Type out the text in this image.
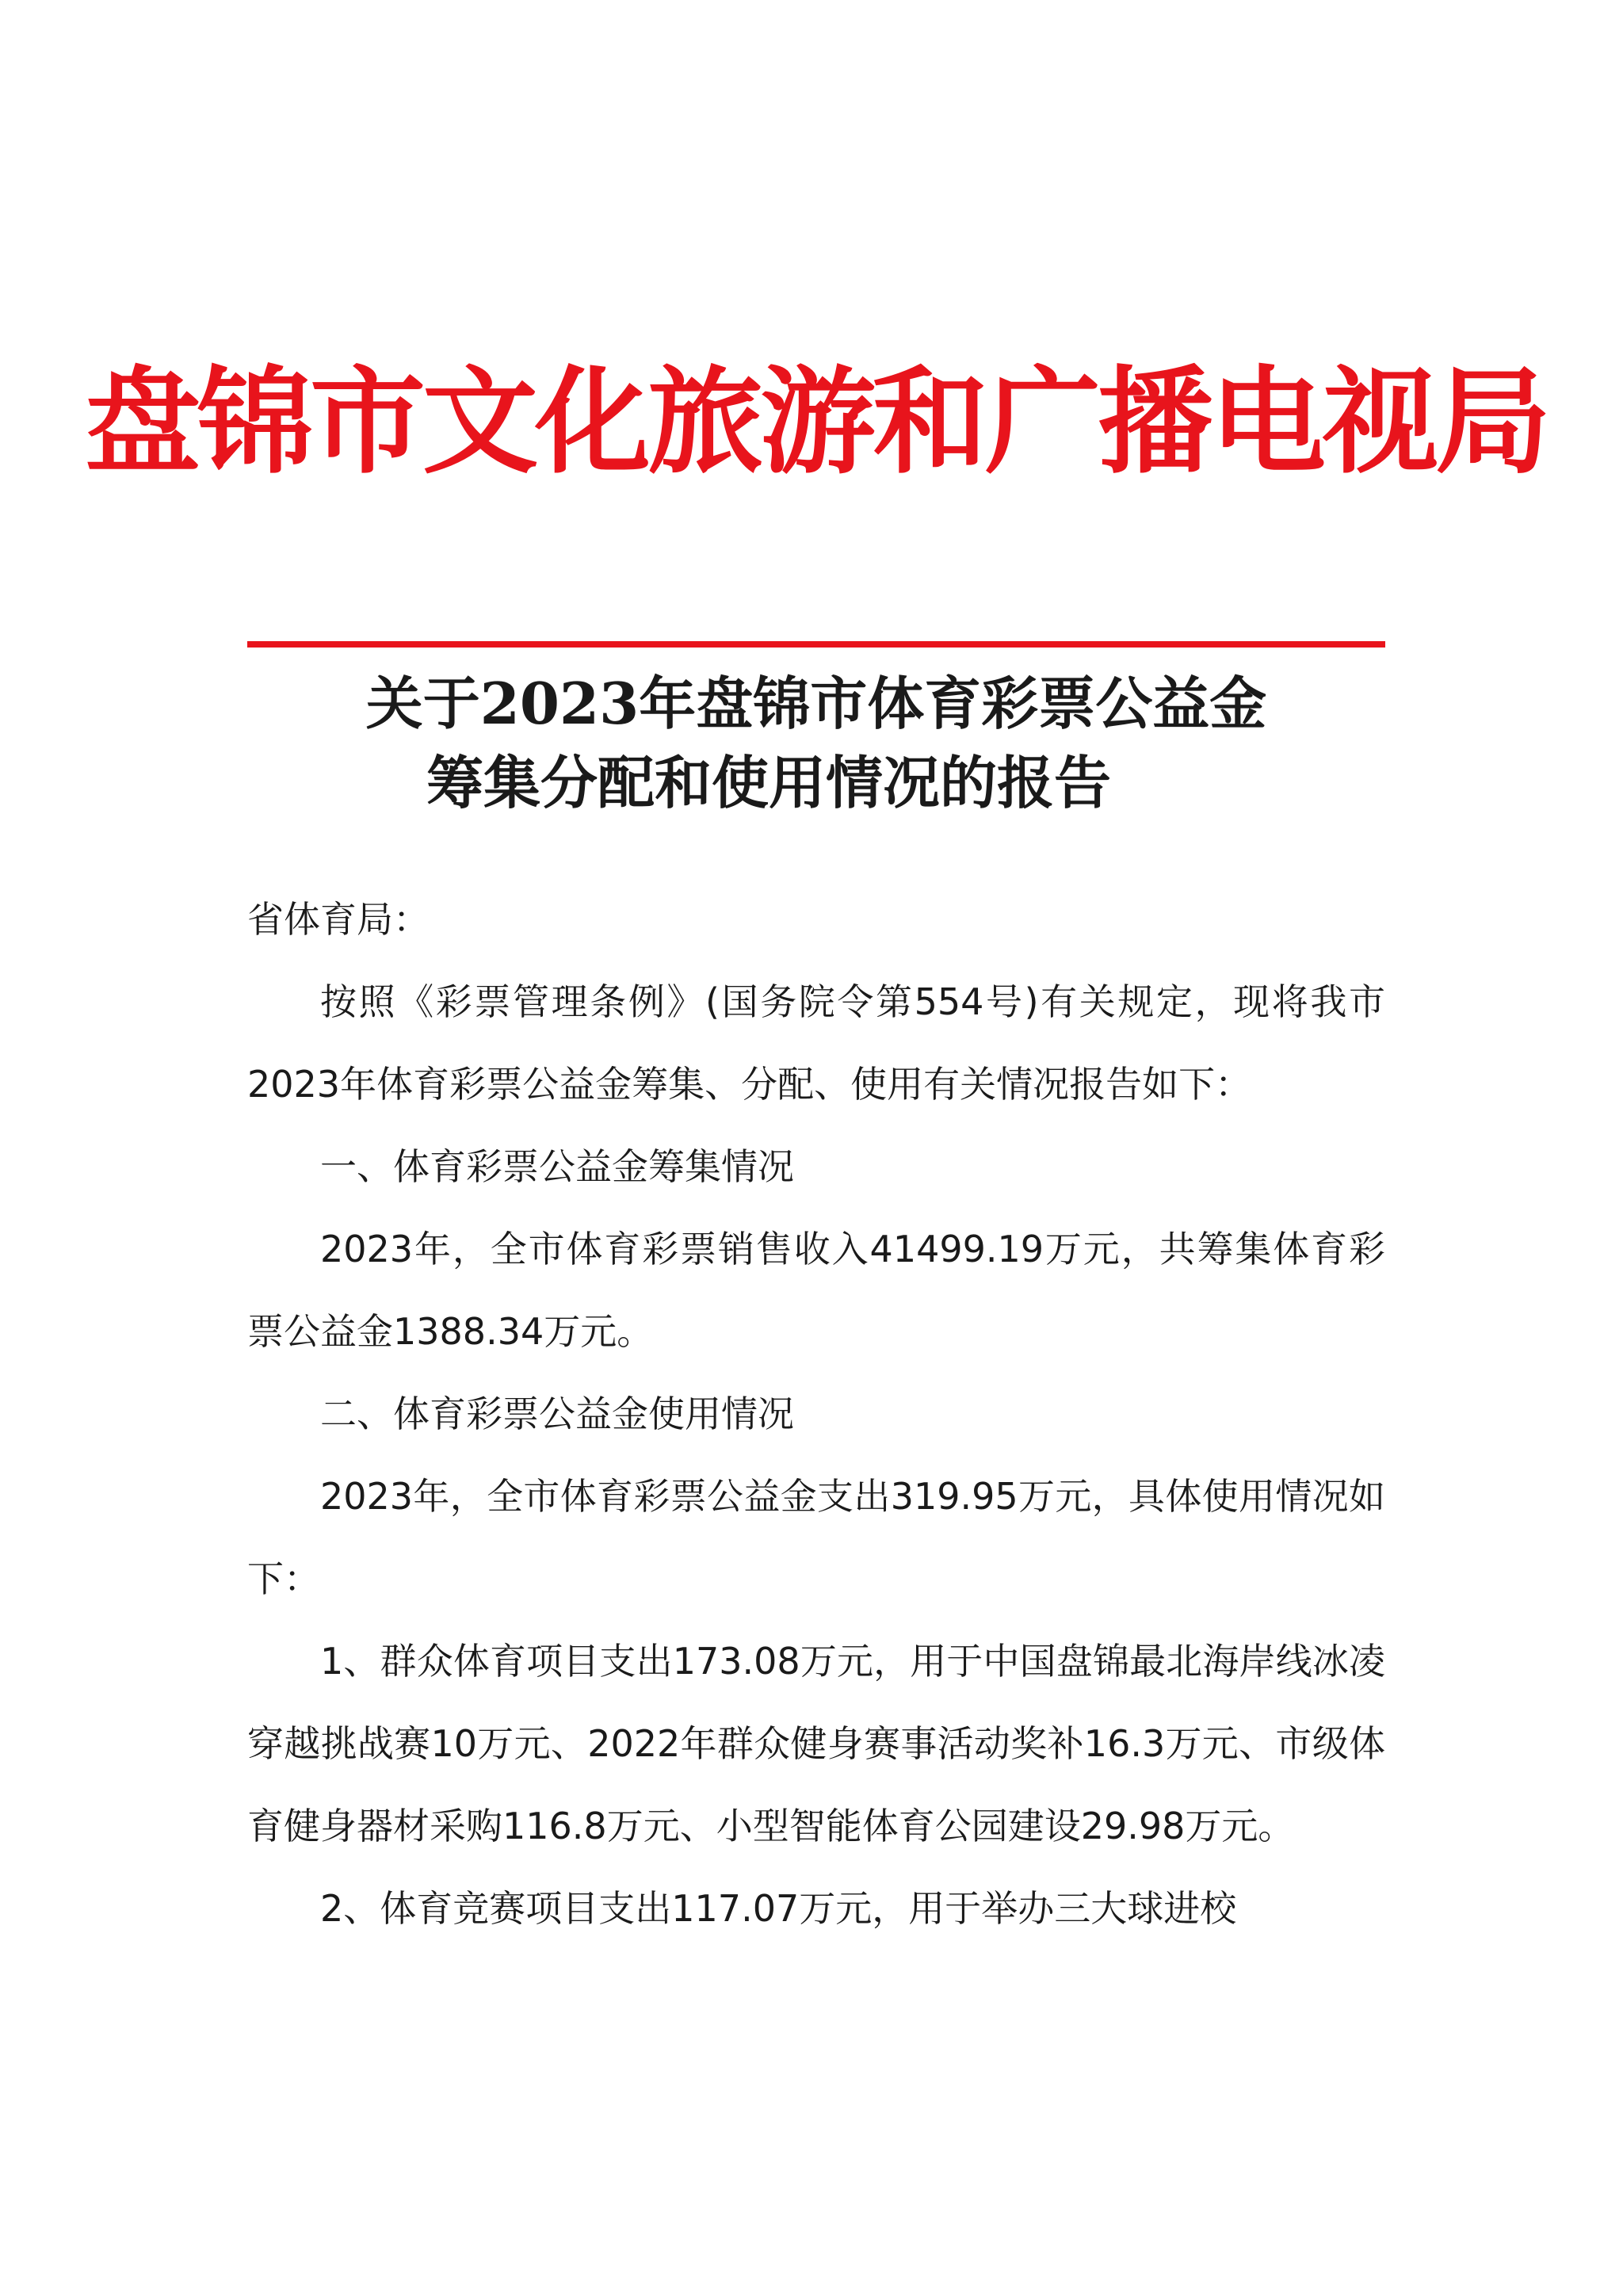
盘锦市文化旅游和广播电视局
关于2023年盘锦市体育彩票公益金
筹集分配和使用情况的报告

省体育局：

按照《彩票管理条例》(国务院令第554号)有关规定，现将我市2023年体育彩票公益金筹集、分配、使用有关情况报告如下：

一、体育彩票公益金筹集情况

2023年，全市体育彩票销售收入41499.19万元，共筹集体育彩票公益金1388.34万元。

二、体育彩票公益金使用情况

2023年，全市体育彩票公益金支出319.95万元，具体使用情况如下：

1、群众体育项目支出173.08万元，用于中国盘锦最北海岸线冰凌穿越挑战赛10万元、2022年群众健身赛事活动奖补16.3万元、市级体育健身器材采购116.8万元、小型智能体育公园建设29.98万元。

2、体育竞赛项目支出117.07万元，用于举办三大球进校
